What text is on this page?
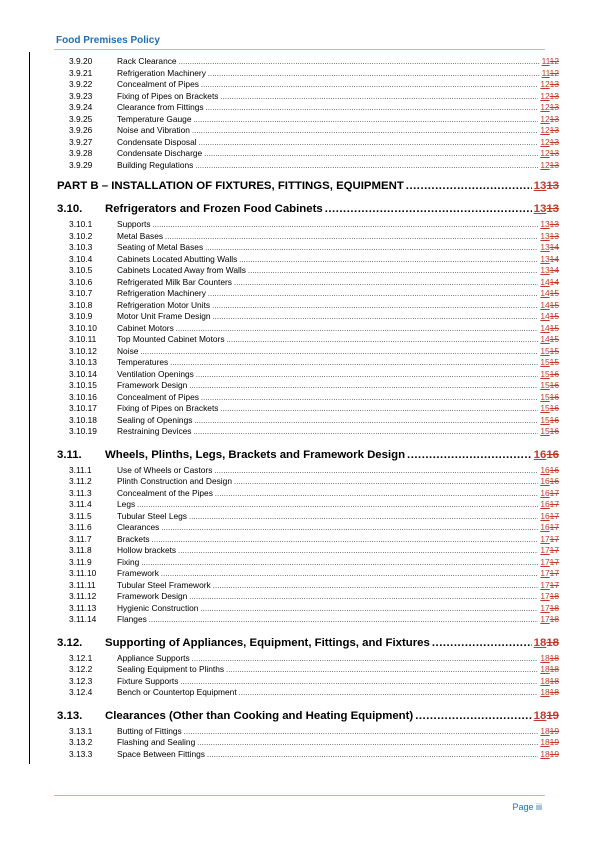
Food Premises Policy
3.9.20	Rack Clearance .....	1112
3.9.21	Refrigeration Machinery .....	1112
3.9.22	Concealment of Pipes .....	1213
3.9.23	Fixing of Pipes on Brackets .....	1213
3.9.24	Clearance from Fittings .....	1213
3.9.25	Temperature Gauge .....	1213
3.9.26	Noise and Vibration .....	1213
3.9.27	Condensate Disposal .....	1213
3.9.28	Condensate Discharge .....	1213
3.9.29	Building Regulations .....	1213
PART B – INSTALLATION OF FIXTURES, FITTINGS, EQUIPMENT .....	1313
3.10.	Refrigerators and Frozen Food Cabinets .....	1313
3.10.1	Supports .....	1313
3.10.2	Metal Bases .....	1313
3.10.3	Seating of Metal Bases .....	1314
3.10.4	Cabinets Located Abutting Walls .....	1314
3.10.5	Cabinets Located Away from Walls .....	1314
3.10.6	Refrigerated Milk Bar Counters .....	1414
3.10.7	Refrigeration Machinery .....	1415
3.10.8	Refrigeration Motor Units .....	1415
3.10.9	Motor Unit Frame Design .....	1415
3.10.10	Cabinet Motors .....	1415
3.10.11	Top Mounted Cabinet Motors .....	1415
3.10.12	Noise .....	1515
3.10.13	Temperatures .....	1515
3.10.14	Ventilation Openings .....	1516
3.10.15	Framework Design .....	1516
3.10.16	Concealment of Pipes .....	1516
3.10.17	Fixing of Pipes on Brackets .....	1516
3.10.18	Sealing of Openings .....	1516
3.10.19	Restraining Devices .....	1516
3.11.	Wheels, Plinths, Legs, Brackets and Framework Design .....	1616
3.11.1	Use of Wheels or Castors .....	1616
3.11.2	Plinth Construction and Design .....	1616
3.11.3	Concealment of the Pipes .....	1617
3.11.4	Legs .....	1617
3.11.5	Tubular Steel Legs .....	1617
3.11.6	Clearances .....	1617
3.11.7	Brackets .....	1717
3.11.8	Hollow brackets .....	1717
3.11.9	Fixing .....	1717
3.11.10	Framework .....	1717
3.11.11	Tubular Steel Framework .....	1717
3.11.12	Framework Design .....	1718
3.11.13	Hygienic Construction .....	1718
3.11.14	Flanges .....	1718
3.12.	Supporting of Appliances, Equipment, Fittings, and Fixtures .....	1818
3.12.1	Appliance Supports .....	1818
3.12.2	Sealing Equipment to Plinths .....	1818
3.12.3	Fixture Supports .....	1818
3.12.4	Bench or Countertop Equipment .....	1818
3.13.	Clearances (Other than Cooking and Heating Equipment) .....	1819
3.13.1	Butting of Fittings .....	1819
3.13.2	Flashing and Sealing .....	1819
3.13.3	Space Between Fittings .....	1819
Page iii
